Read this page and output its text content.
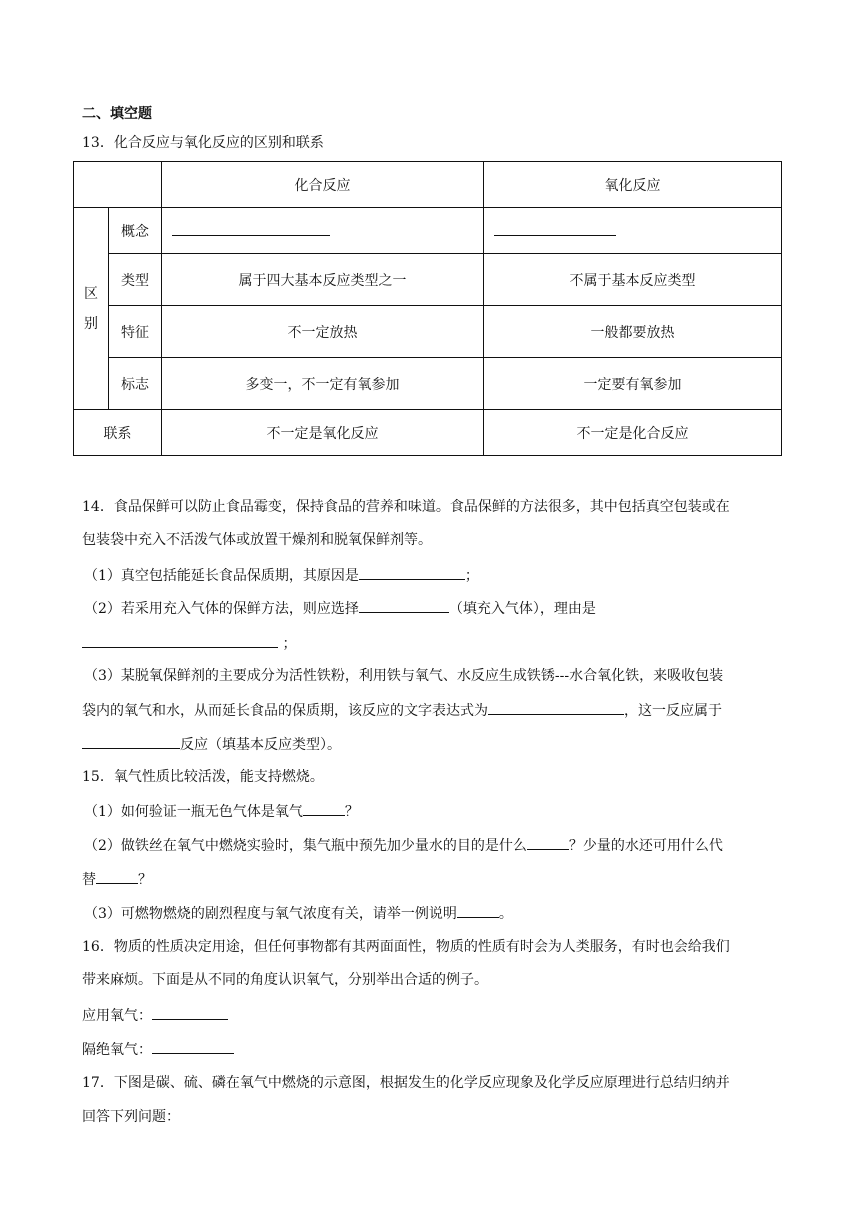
二、填空题
13．化合反应与氧化反应的区别和联系
		化合反应	氧化反应
区
别	概念		
	类型	属于四大基本反应类型之一	不属于基本反应类型
	特征	不一定放热	一般都要放热
	标志	多变一，不一定有氧参加	一定要有氧参加
联系		不一定是氧化反应	不一定是化合反应
14．食品保鲜可以防止食品霉变，保持食品的营养和味道。食品保鲜的方法很多，其中包括真空包装或在
包装袋中充入不活泼气体或放置干燥剂和脱氧保鲜剂等。
（1）真空包括能延长食品保质期，其原因是	；
（2）若采用充入气体的保鲜方法，则应选择	（填充入气体），理由是
；
（3）某脱氧保鲜剂的主要成分为活性铁粉，利用铁与氧气、水反应生成铁锈---水合氧化铁，来吸收包装
袋内的氧气和水，从而延长食品的保质期，该反应的文字表达式为	，这一反应属于
反应（填基本反应类型）。
15．氧气性质比较活泼，能支持燃烧。
（1）如何验证一瓶无色气体是氧气	？
（2）做铁丝在氧气中燃烧实验时，集气瓶中预先加少量水的目的是什么	？少量的水还可用什么代
替	？
（3）可燃物燃烧的剧烈程度与氧气浓度有关，请举一例说明	。
16．物质的性质决定用途，但任何事物都有其两面面性，物质的性质有时会为人类服务，有时也会给我们
带来麻烦。下面是从不同的角度认识氧气，分别举出合适的例子。
应用氧气：
隔绝氧气：
17．下图是碳、硫、磷在氧气中燃烧的示意图，根据发生的化学反应现象及化学反应原理进行总结归纳并
回答下列问题：
